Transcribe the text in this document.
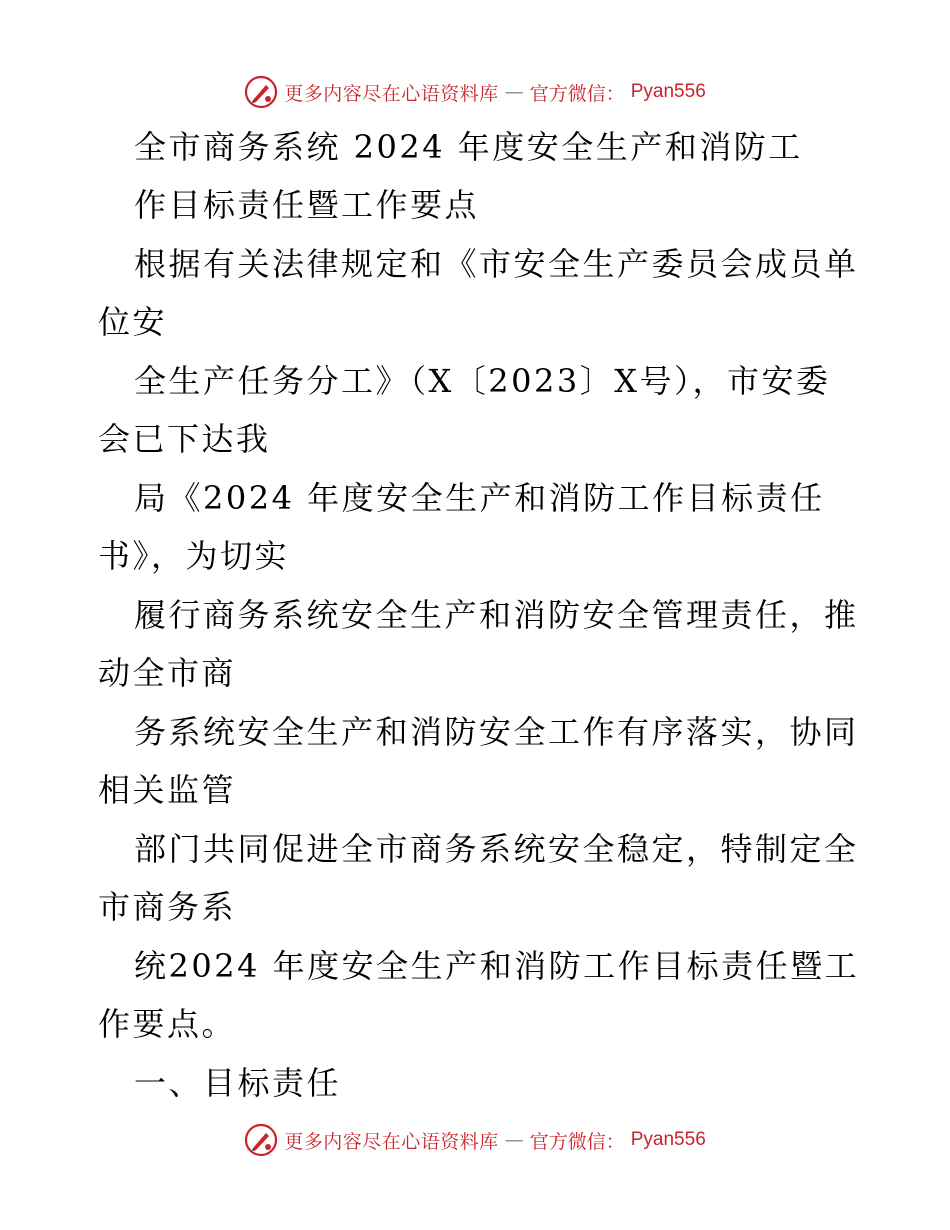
更多内容尽在心语资料库 — 官方微信： Pyan556
全市商务系统 2024 年度安全生产和消防工
作目标责任暨工作要点
根据有关法律规定和《市安全生产委员会成员单
位安
全生产任务分工》（X〔2023〕X号），市安委
会已下达我
局《2024 年度安全生产和消防工作目标责任
书》，为切实
履行商务系统安全生产和消防安全管理责任，推
动全市商
务系统安全生产和消防安全工作有序落实，协同
相关监管
部门共同促进全市商务系统安全稳定，特制定全
市商务系
统2024 年度安全生产和消防工作目标责任暨工
作要点。
一、目标责任
更多内容尽在心语资料库 — 官方微信： Pyan556
